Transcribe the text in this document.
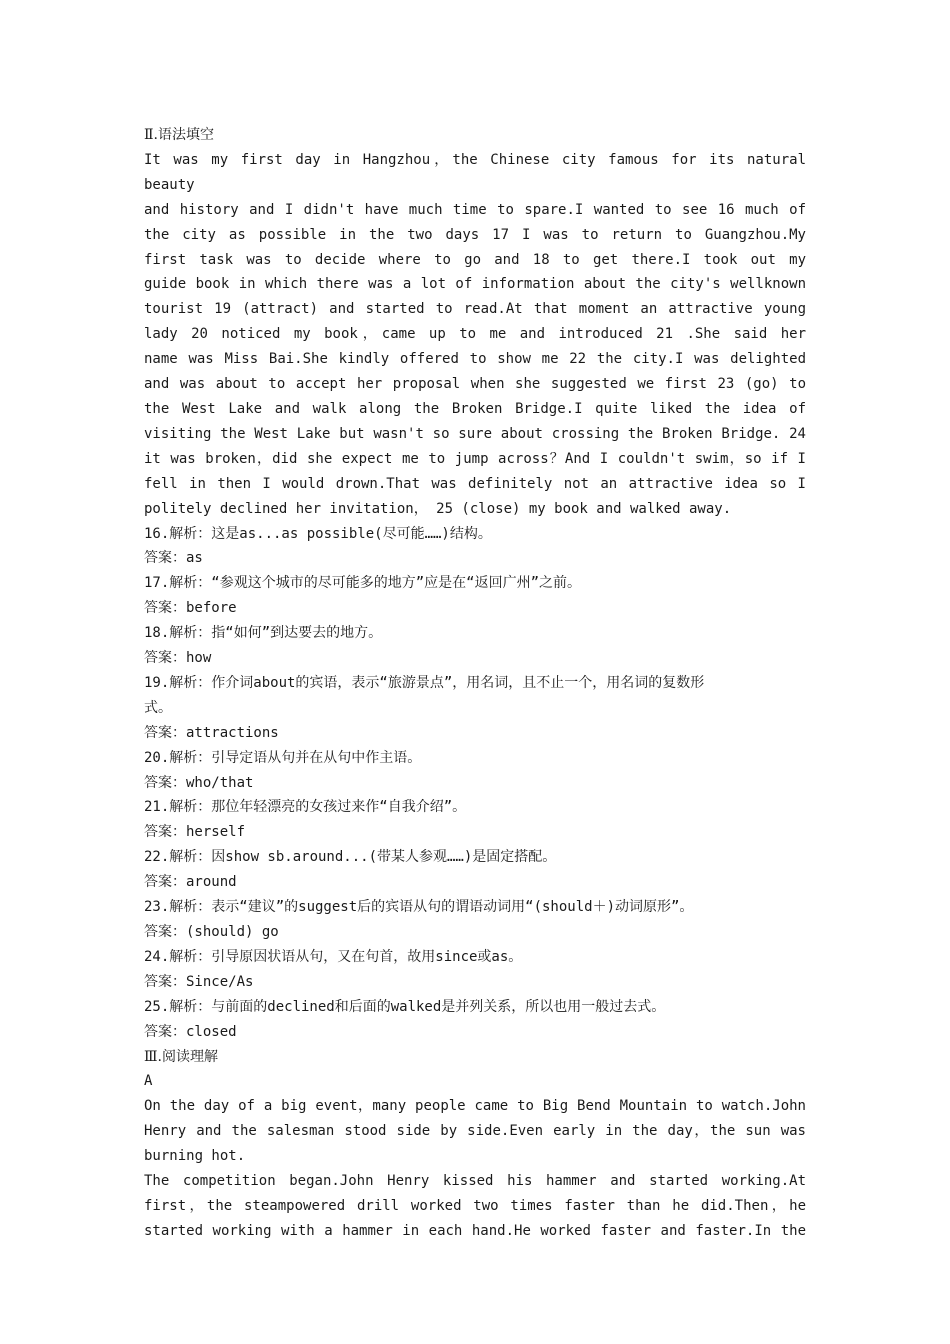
Ⅱ.语法填空
It was my first day in Hangzhou，the Chinese city famous for its natural beauty
and history and I didn't have much time to spare.I wanted to see 16 much of
the city as possible in the two days 17 I was to return to Guangzhou.My
first task was to decide where to go and 18 to get there.I took out my
guide book in which there was a lot of information about the city's wellknown
tourist 19 (attract) and started to read.At that moment an attractive young
lady 20 noticed my book，came up to me and introduced 21 .She said her
name was Miss Bai.She kindly offered to show me 22 the city.I was delighted
and was about to accept her proposal when she suggested we first 23 (go) to
the West Lake and walk along the Broken Bridge.I quite liked the idea of
visiting the West Lake but wasn't so sure about crossing the Broken Bridge. 24
it was broken，did she expect me to jump across？And I couldn't swim，so if I
fell in then I would drown.That was definitely not an attractive idea so I
politely declined her invitation， 25 (close) my book and walked away.
16.解析：这是as...as possible(尽可能……)结构。
答案：as
17.解析：“参观这个城市的尽可能多的地方”应是在“返回广州”之前。
答案：before
18.解析：指“如何”到达要去的地方。
答案：how
19.解析：作介词about的宾语，表示“旅游景点”，用名词，且不止一个，用名词的复数形
式。
答案：attractions
20.解析：引导定语从句并在从句中作主语。
答案：who/that
21.解析：那位年轻漂亮的女孩过来作“自我介绍”。
答案：herself
22.解析：因show sb.around...(带某人参观……)是固定搭配。
答案：around
23.解析：表示“建议”的suggest后的宾语从句的谓语动词用“(should＋)动词原形”。
答案：(should) go
24.解析：引导原因状语从句，又在句首，故用since或as。
答案：Since/As
25.解析：与前面的declined和后面的walked是并列关系，所以也用一般过去式。
答案：closed
Ⅲ.阅读理解
A
On the day of a big event，many people came to Big Bend Mountain to watch.John
Henry and the salesman stood side by side.Even early in the day，the sun was
burning hot.
The competition began.John Henry kissed his hammer and started working.At
first，the steampowered drill worked two times faster than he did.Then，he
started working with a hammer in each hand.He worked faster and faster.In the
